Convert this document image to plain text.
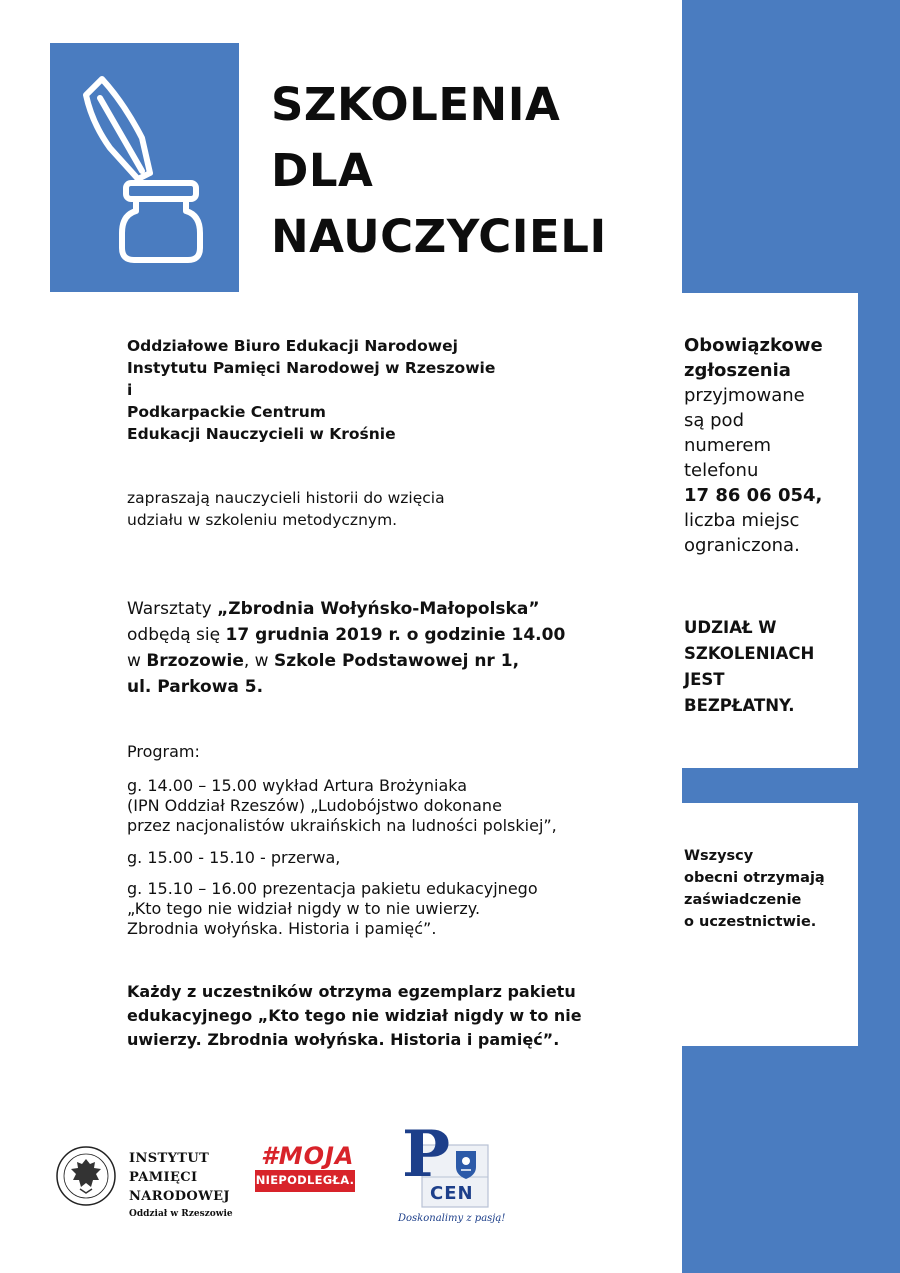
SZKOLENIA
DLA
NAUCZYCIELI
Oddziałowe Biuro Edukacji Narodowej
Instytutu Pamięci Narodowej w Rzeszowie
i
Podkarpackie Centrum
Edukacji Nauczycieli w Krośnie
zapraszają nauczycieli historii do wzięcia
udziału w szkoleniu metodycznym.
Warsztaty „Zbrodnia Wołyńsko-Małopolska”
odbędą się 17 grudnia 2019 r. o godzinie 14.00
w Brzozowie, w Szkole Podstawowej nr 1,
ul. Parkowa 5.
Program:
g. 14.00 – 15.00 wykład Artura Brożyniaka
(IPN Oddział Rzeszów) „Ludobójstwo dokonane
przez nacjonalistów ukraińskich na ludności polskiej”,
g. 15.00 - 15.10 - przerwa,
g. 15.10 – 16.00 prezentacja pakietu edukacyjnego
„Kto tego nie widział nigdy w to nie uwierzy.
Zbrodnia wołyńska. Historia i pamięć”.
Każdy z uczestników otrzyma egzemplarz pakietu
edukacyjnego „Kto tego nie widział nigdy w to nie
uwierzy. Zbrodnia wołyńska. Historia i pamięć”.
Obowiązkowe
zgłoszenia
przyjmowane
są pod
numerem
telefonu
17 86 06 054,
liczba miejsc
ograniczona.
UDZIAŁ W
SZKOLENIACH
JEST
BEZPŁATNY.
Wszyscy
obecni otrzymają
zaświadczenie
o uczestnictwie.
INSTYTUT
PAMIĘCI
NARODOWEJ
Oddział w Rzeszowie
#MOJA
NIEPODLEGŁA. P
CEN
Doskonalimy z pasją!
